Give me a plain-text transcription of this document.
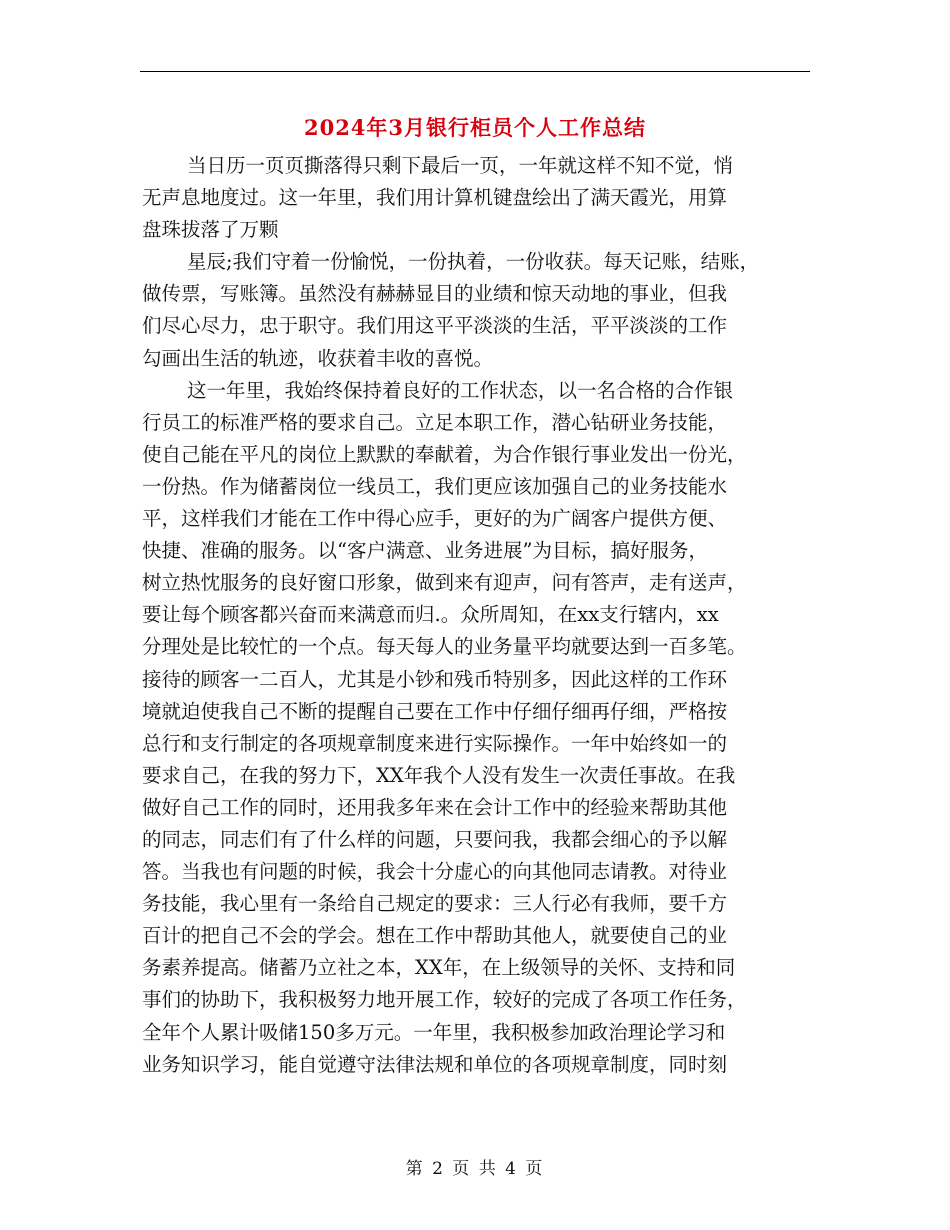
2024年3月银行柜员个人工作总结
当日历一页页撕落得只剩下最后一页，一年就这样不知不觉，悄
无声息地度过。这一年里，我们用计算机键盘绘出了满天霞光，用算
盘珠拔落了万颗
星辰;我们守着一份愉悦，一份执着，一份收获。每天记账，结账，
做传票，写账簿。虽然没有赫赫显目的业绩和惊天动地的事业，但我
们尽心尽力，忠于职守。我们用这平平淡淡的生活，平平淡淡的工作
勾画出生活的轨迹，收获着丰收的喜悦。
这一年里，我始终保持着良好的工作状态，以一名合格的合作银
行员工的标准严格的要求自己。立足本职工作，潜心钻研业务技能，
使自己能在平凡的岗位上默默的奉献着，为合作银行事业发出一份光，
一份热。作为储蓄岗位一线员工，我们更应该加强自己的业务技能水
平，这样我们才能在工作中得心应手，更好的为广阔客户提供方便、
快捷、准确的服务。以“客户满意、业务进展”为目标，搞好服务，
树立热忱服务的良好窗口形象，做到来有迎声，问有答声，走有送声，
要让每个顾客都兴奋而来满意而归.。众所周知，在xx支行辖内，xx
分理处是比较忙的一个点。每天每人的业务量平均就要达到一百多笔。
接待的顾客一二百人，尤其是小钞和残币特别多，因此这样的工作环
境就迫使我自己不断的提醒自己要在工作中仔细仔细再仔细，严格按
总行和支行制定的各项规章制度来进行实际操作。一年中始终如一的
要求自己，在我的努力下，XX年我个人没有发生一次责任事故。在我
做好自己工作的同时，还用我多年来在会计工作中的经验来帮助其他
的同志，同志们有了什么样的问题，只要问我，我都会细心的予以解
答。当我也有问题的时候，我会十分虚心的向其他同志请教。对待业
务技能，我心里有一条给自己规定的要求：三人行必有我师，要千方
百计的把自己不会的学会。想在工作中帮助其他人，就要使自己的业
务素养提高。储蓄乃立社之本，XX年，在上级领导的关怀、支持和同
事们的协助下，我积极努力地开展工作，较好的完成了各项工作任务，
全年个人累计吸储150多万元。一年里，我积极参加政治理论学习和
业务知识学习，能自觉遵守法律法规和单位的各项规章制度，同时刻
第 2 页 共 4 页
